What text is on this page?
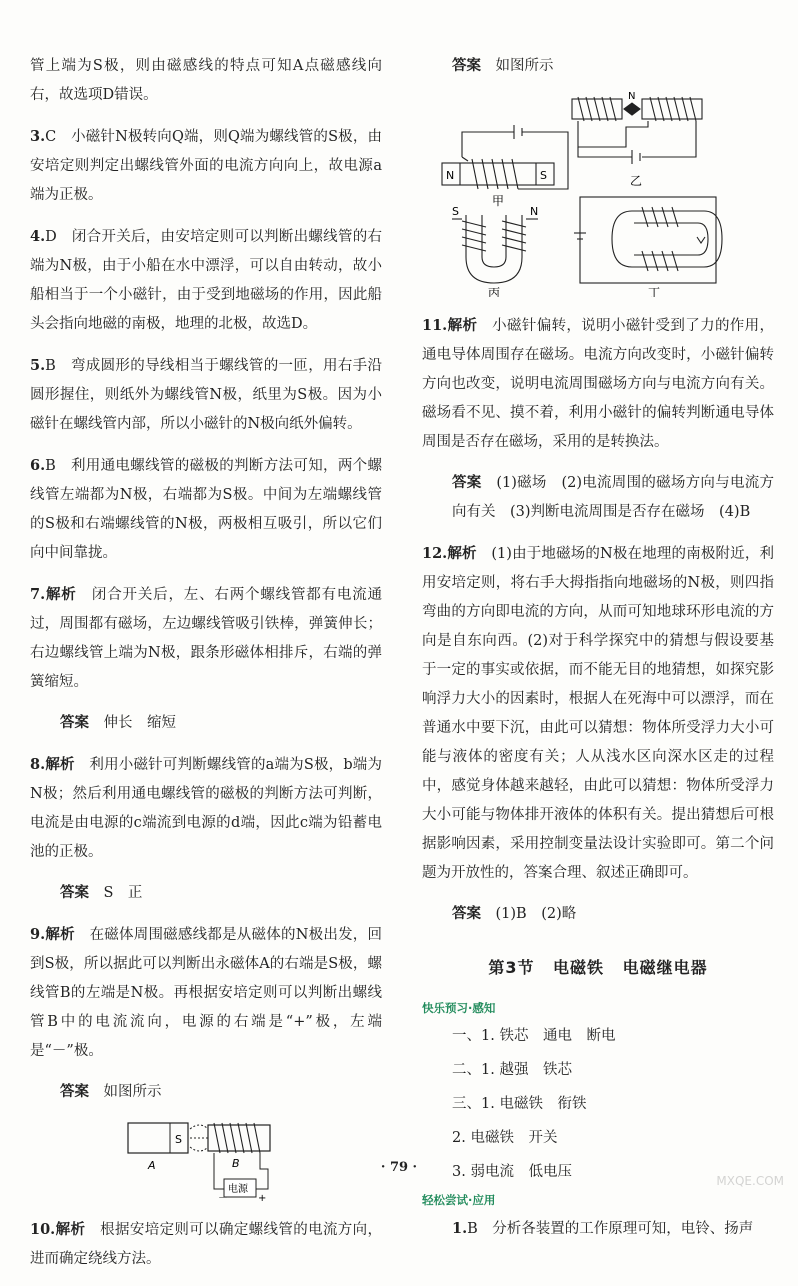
管上端为S极，则由磁感线的特点可知A点磁感线向右，故选项D错误。

3.C　 小磁针N极转向Q端，则Q端为螺线管的S极，由安培定则判定出螺线管外面的电流方向向上，故电源a端为正极。

4.D　 闭合开关后，由安培定则可以判断出螺线管的右端为N极，由于小船在水中漂浮，可以自由转动，故小船相当于一个小磁针，由于受到地磁场的作用，因此船头会指向地磁的南极，地理的北极，故选D。

5.B　 弯成圆形的导线相当于螺线管的一匝，用右手沿圆形握住，则纸外为螺线管N极，纸里为S极。因为小磁针在螺线管内部，所以小磁针的N极向纸外偏转。

6.B　 利用通电螺线管的磁极的判断方法可知，两个螺线管左端都为N极，右端都为S极。中间为左端螺线管的S极和右端螺线管的N极，两极相互吸引，所以它们向中间靠拢。

7.解析　 闭合开关后，左、右两个螺线管都有电流通过，周围都有磁场，左边螺线管吸引铁棒，弹簧伸长；右边螺线管上端为N极，跟条形磁体相排斥，右端的弹簧缩短。

答案　 伸长　缩短

8.解析　 利用小磁针可判断螺线管的a端为S极，b端为N极；然后利用通电螺线管的磁极的判断方法可判断，电流是由电源的c端流到电源的d端，因此c端为铅蓄电池的正极。

答案　 S　正

9.解析　 在磁体周围磁感线都是从磁体的N极出发，回到S极，所以据此可以判断出永磁体A的右端是S极，螺线管B的左端是N极。再根据安培定则可以判断出螺线管B中的电流流向，电源的右端是“+”极，左端是“－”极。

答案　 如图所示

S
A	B
电源
－	+

10.解析　 根据安培定则可以确定螺线管的电流方向，进而确定绕线方法。

答案　 如图所示

N	S
甲
N
乙
S	N
丙	丁

11.解析　 小磁针偏转，说明小磁针受到了力的作用，通电导体周围存在磁场。电流方向改变时，小磁针偏转方向也改变，说明电流周围磁场方向与电流方向有关。磁场看不见、摸不着，利用小磁针的偏转判断通电导体周围是否存在磁场，采用的是转换法。

答案　 (1)磁场　(2)电流周围的磁场方向与电流方向有关　(3)判断电流周围是否存在磁场　(4)B

12.解析　 (1)由于地磁场的N极在地理的南极附近，利用安培定则，将右手大拇指指向地磁场的N极，则四指弯曲的方向即电流的方向，从而可知地球环形电流的方向是自东向西。(2)对于科学探究中的猜想与假设要基于一定的事实或依据，而不能无目的地猜想，如探究影响浮力大小的因素时，根据人在死海中可以漂浮，而在普通水中要下沉，由此可以猜想：物体所受浮力大小可能与液体的密度有关；人从浅水区向深水区走的过程中，感觉身体越来越轻，由此可以猜想：物体所受浮力大小可能与物体排开液体的体积有关。提出猜想后可根据影响因素，采用控制变量法设计实验即可。第二个问题为开放性的，答案合理、叙述正确即可。

答案　 (1)B　(2)略

第3节 电磁铁 电磁继电器
快乐预习·感知
一、1. 铁芯　通电　断电
二、1. 越强　铁芯
三、1. 电磁铁　衔铁
2. 电磁铁　开关
3. 弱电流　低电压
轻松尝试·应用

1.B　 分析各装置的工作原理可知，电铃、扬声

· 79 ·
MXQE.COM
